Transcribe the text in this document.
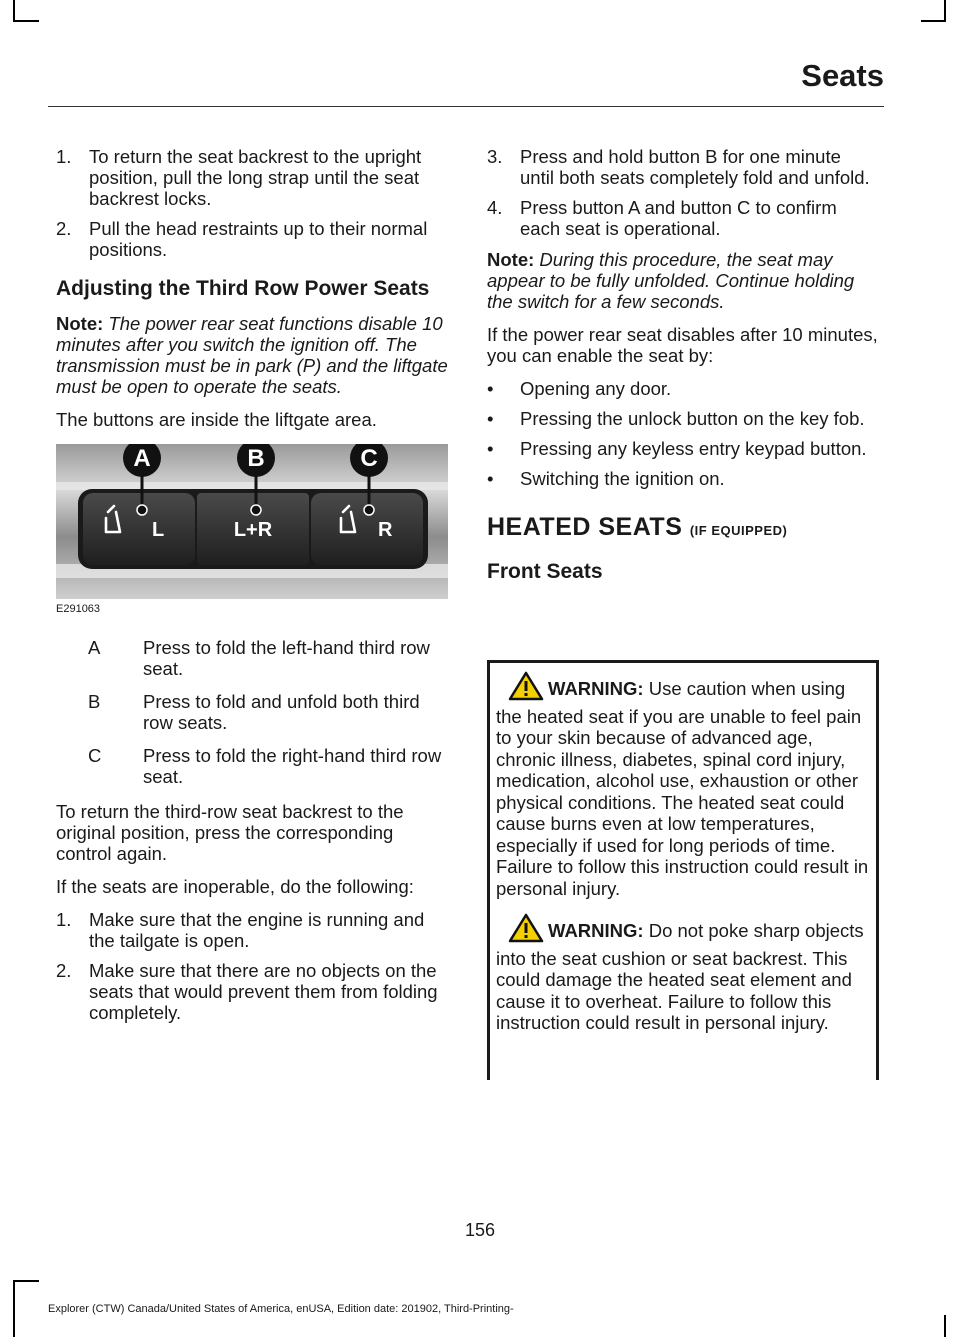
Seats
1. To return the seat backrest to the upright position, pull the long strap until the seat backrest locks.
2. Pull the head restraints up to their normal positions.
Adjusting the Third Row Power Seats

Note: The power rear seat functions disable 10 minutes after you switch the ignition off. The transmission must be in park (P) and the liftgate must be open to operate the seats.

The buttons are inside the liftgate area.

L	L+R	R
A	B	C
E291063
A	Press to fold the left-hand third row seat.
B	Press to fold and unfold both third row seats.
C	Press to fold the right-hand third row seat.

To return the third-row seat backrest to the original position, press the corresponding control again.

If the seats are inoperable, do the following:

1. Make sure that the engine is running and the tailgate is open.
2. Make sure that there are no objects on the seats that would prevent them from folding completely.
3. Press and hold button B for one minute until both seats completely fold and unfold.
4. Press button A and button C to confirm each seat is operational.

Note: During this procedure, the seat may appear to be fully unfolded. Continue holding the switch for a few seconds.

If the power rear seat disables after 10 minutes, you can enable the seat by:

• Opening any door.
• Pressing the unlock button on the key fob.
• Pressing any keyless entry keypad button.
• Switching the ignition on.
HEATED SEATS (IF EQUIPPED)
Front Seats

WARNING: Use caution when using the heated seat if you are unable to feel pain to your skin because of advanced age, chronic illness, diabetes, spinal cord injury, medication, alcohol use, exhaustion or other physical conditions. The heated seat could cause burns even at low temperatures, especially if used for long periods of time. Failure to follow this instruction could result in personal injury.

WARNING: Do not poke sharp objects into the seat cushion or seat backrest. This could damage the heated seat element and cause it to overheat. Failure to follow this instruction could result in personal injury.

156
Explorer (CTW) Canada/United States of America, enUSA, Edition date: 201902, Third-Printing-
